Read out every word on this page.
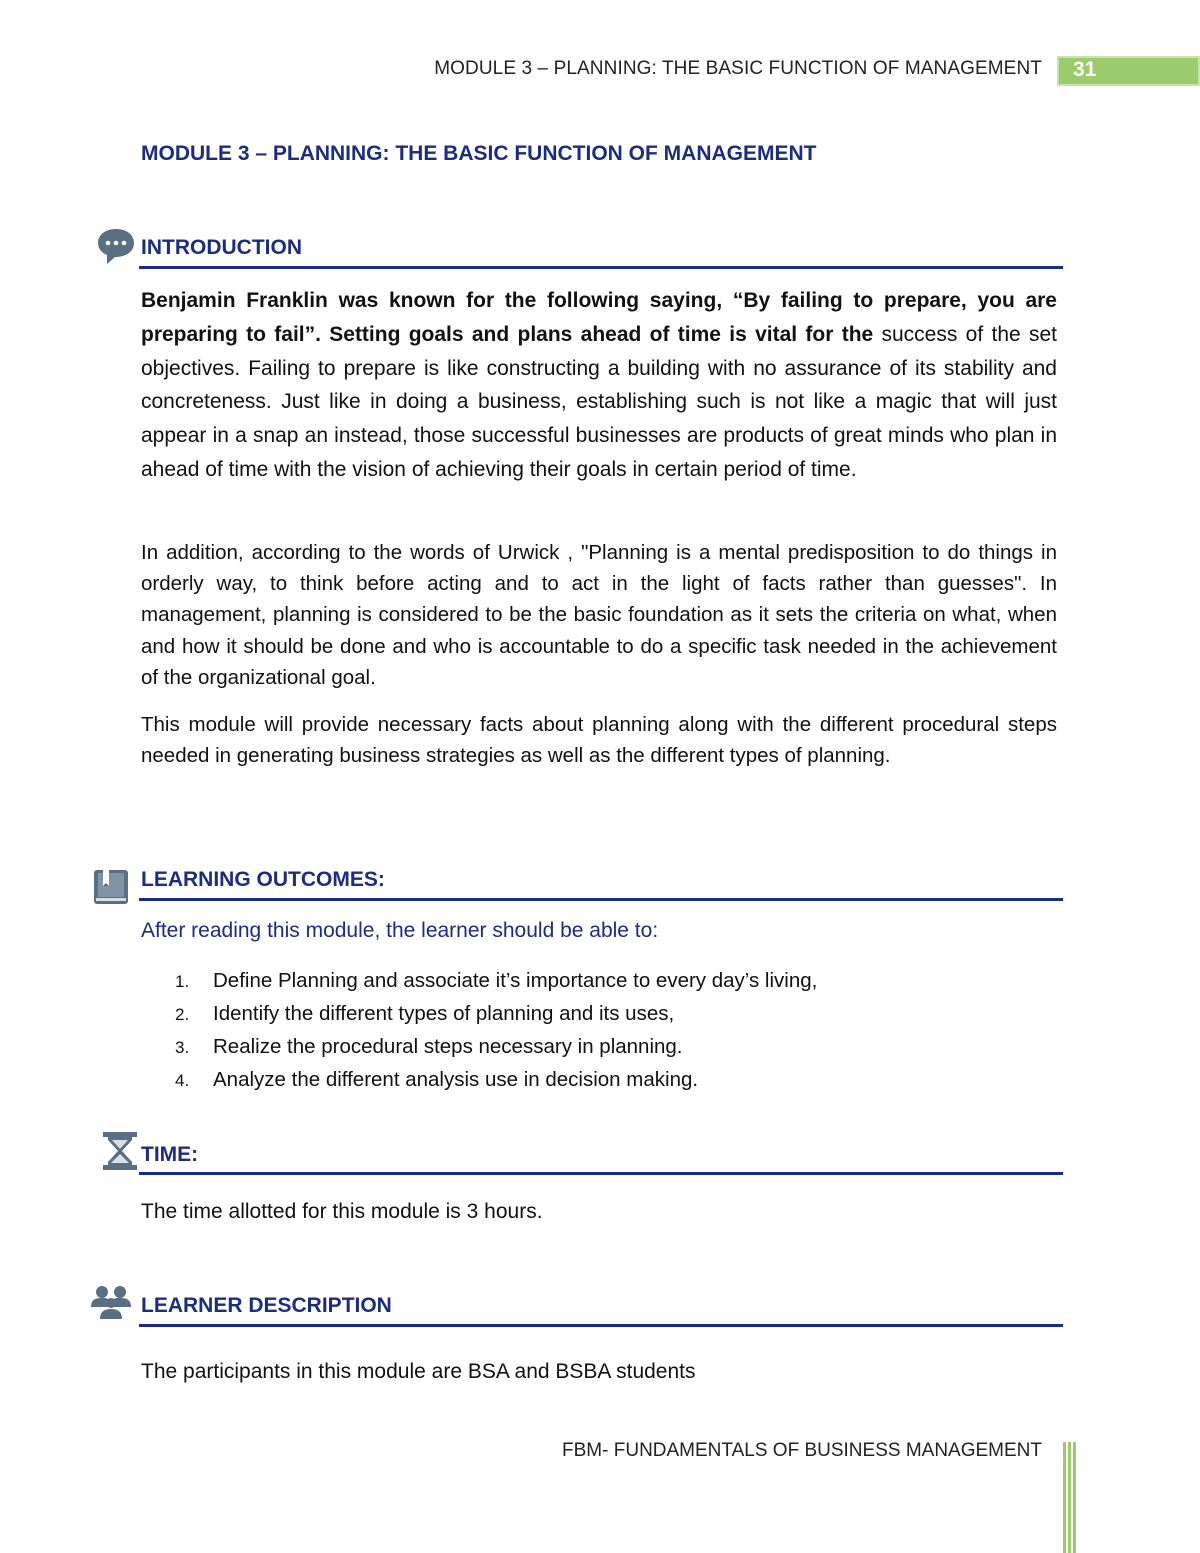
MODULE 3 – PLANNING: THE BASIC FUNCTION OF MANAGEMENT 31
MODULE 3 – PLANNING: THE BASIC FUNCTION OF MANAGEMENT
INTRODUCTION
Benjamin Franklin was known for the following saying, “By failing to prepare, you are preparing to fail”. Setting goals and plans ahead of time is vital for the success of the set objectives. Failing to prepare is like constructing a building with no assurance of its stability and concreteness. Just like in doing a business, establishing such is not like a magic that will just appear in a snap an instead, those successful businesses are products of great minds who plan in ahead of time with the vision of achieving their goals in certain period of time.
In addition, according to the words of Urwick , "Planning is a mental predisposition to do things in orderly way, to think before acting and to act in the light of facts rather than guesses". In management, planning is considered to be the basic foundation as it sets the criteria on what, when and how it should be done and who is accountable to do a specific task needed in the achievement of the organizational goal.
This module will provide necessary facts about planning along with the different procedural steps needed in generating business strategies as well as the different types of planning.
LEARNING OUTCOMES:
After reading this module, the learner should be able to:
1. Define Planning and associate it’s importance to every day’s living,
2. Identify the different types of planning and its uses,
3. Realize the procedural steps necessary in planning.
4. Analyze the different analysis use in decision making.
TIME:
The time allotted for this module is 3 hours.
LEARNER DESCRIPTION
The participants in this module are BSA and BSBA students
FBM- FUNDAMENTALS OF BUSINESS MANAGEMENT
